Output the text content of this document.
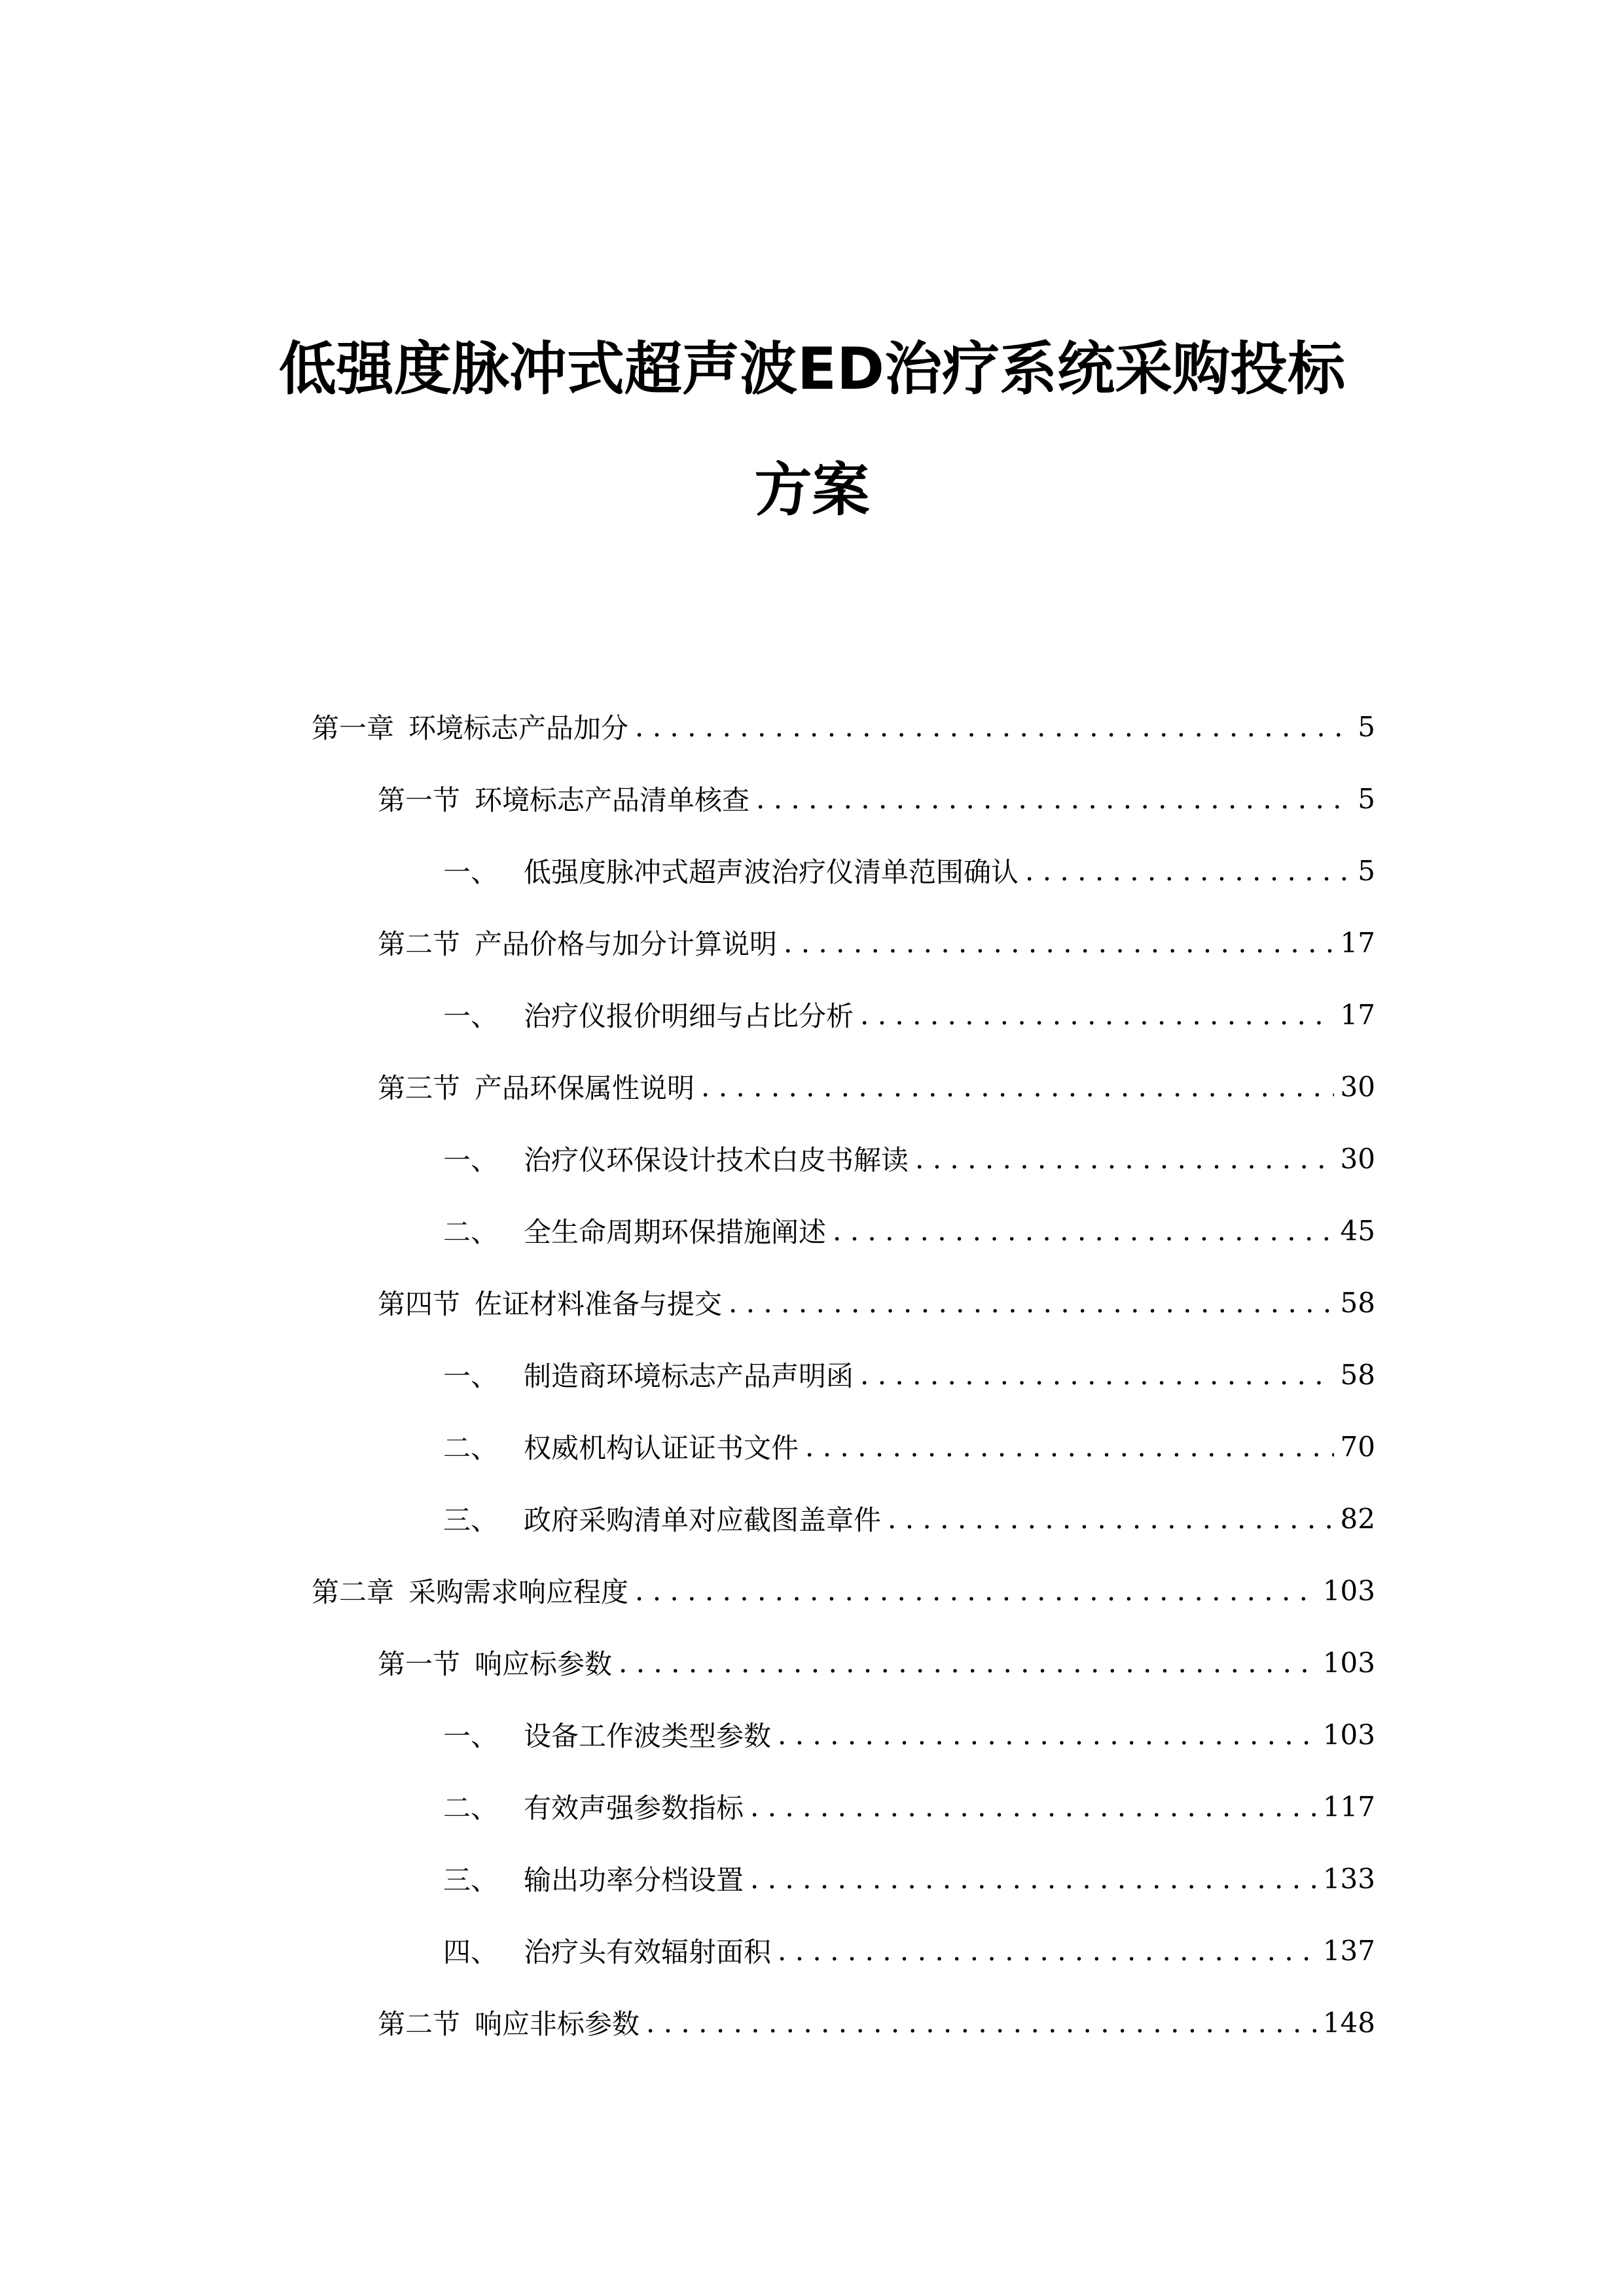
低强度脉冲式超声波ED治疗系统采购投标
方案
第一章 环境标志产品加分 . . .	5
第一节 环境标志产品清单核查 . . .	5
一、 低强度脉冲式超声波治疗仪清单范围确认 . . .	5
第二节 产品价格与加分计算说明 . . .	17
一、 治疗仪报价明细与占比分析 . . .	17
第三节 产品环保属性说明 . . .	30
一、 治疗仪环保设计技术白皮书解读 . . .	30
二、 全生命周期环保措施阐述 . . .	45
第四节 佐证材料准备与提交 . . .	58
一、 制造商环境标志产品声明函 . . .	58
二、 权威机构认证证书文件 . . .	70
三、 政府采购清单对应截图盖章件 . . .	82
第二章 采购需求响应程度 . . .	103
第一节 响应标参数 . . .	103
一、 设备工作波类型参数 . . .	103
二、 有效声强参数指标 . . .	117
三、 输出功率分档设置 . . .	133
四、 治疗头有效辐射面积 . . .	137
第二节 响应非标参数 . . .	148
